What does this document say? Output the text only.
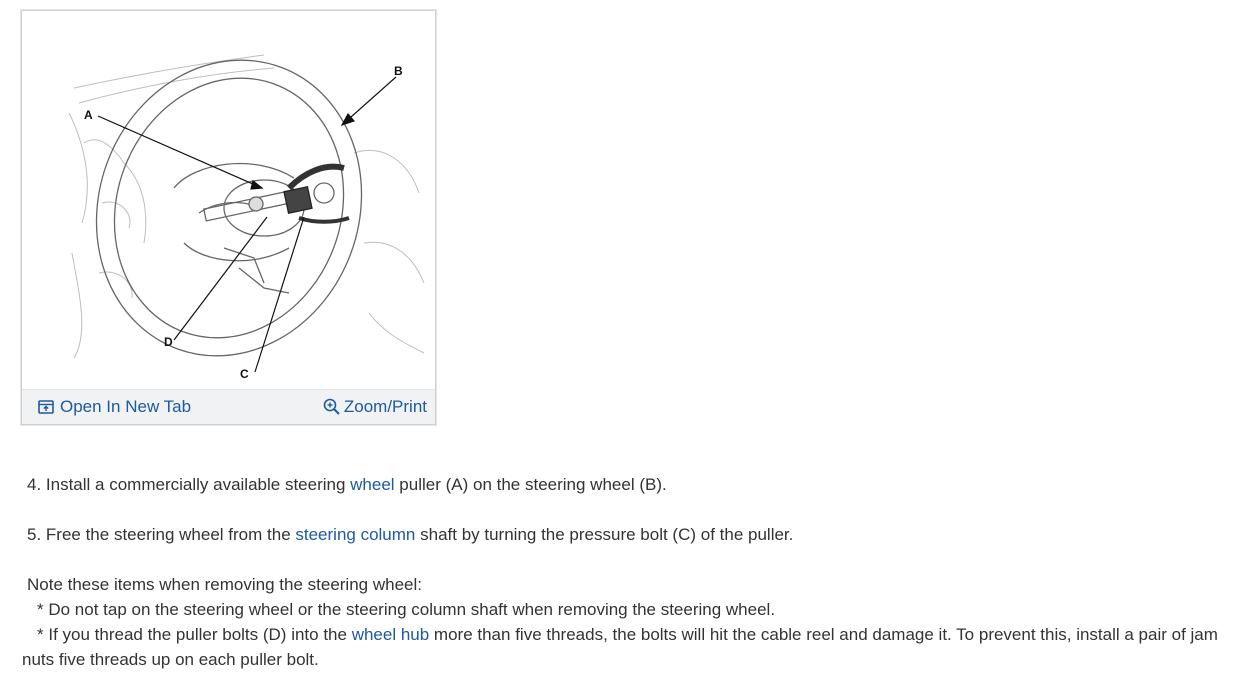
A
B
C
D
Open In New Tab	Zoom/Print

4. Install a commercially available steering wheel puller (A) on the steering wheel (B).

5. Free the steering wheel from the steering column shaft by turning the pressure bolt (C) of the puller.

Note these items when removing the steering wheel:

* Do not tap on the steering wheel or the steering column shaft when removing the steering wheel.

* If you thread the puller bolts (D) into the wheel hub more than five threads, the bolts will hit the cable reel and damage it. To prevent this, install a pair of jam nuts five threads up on each puller bolt.
